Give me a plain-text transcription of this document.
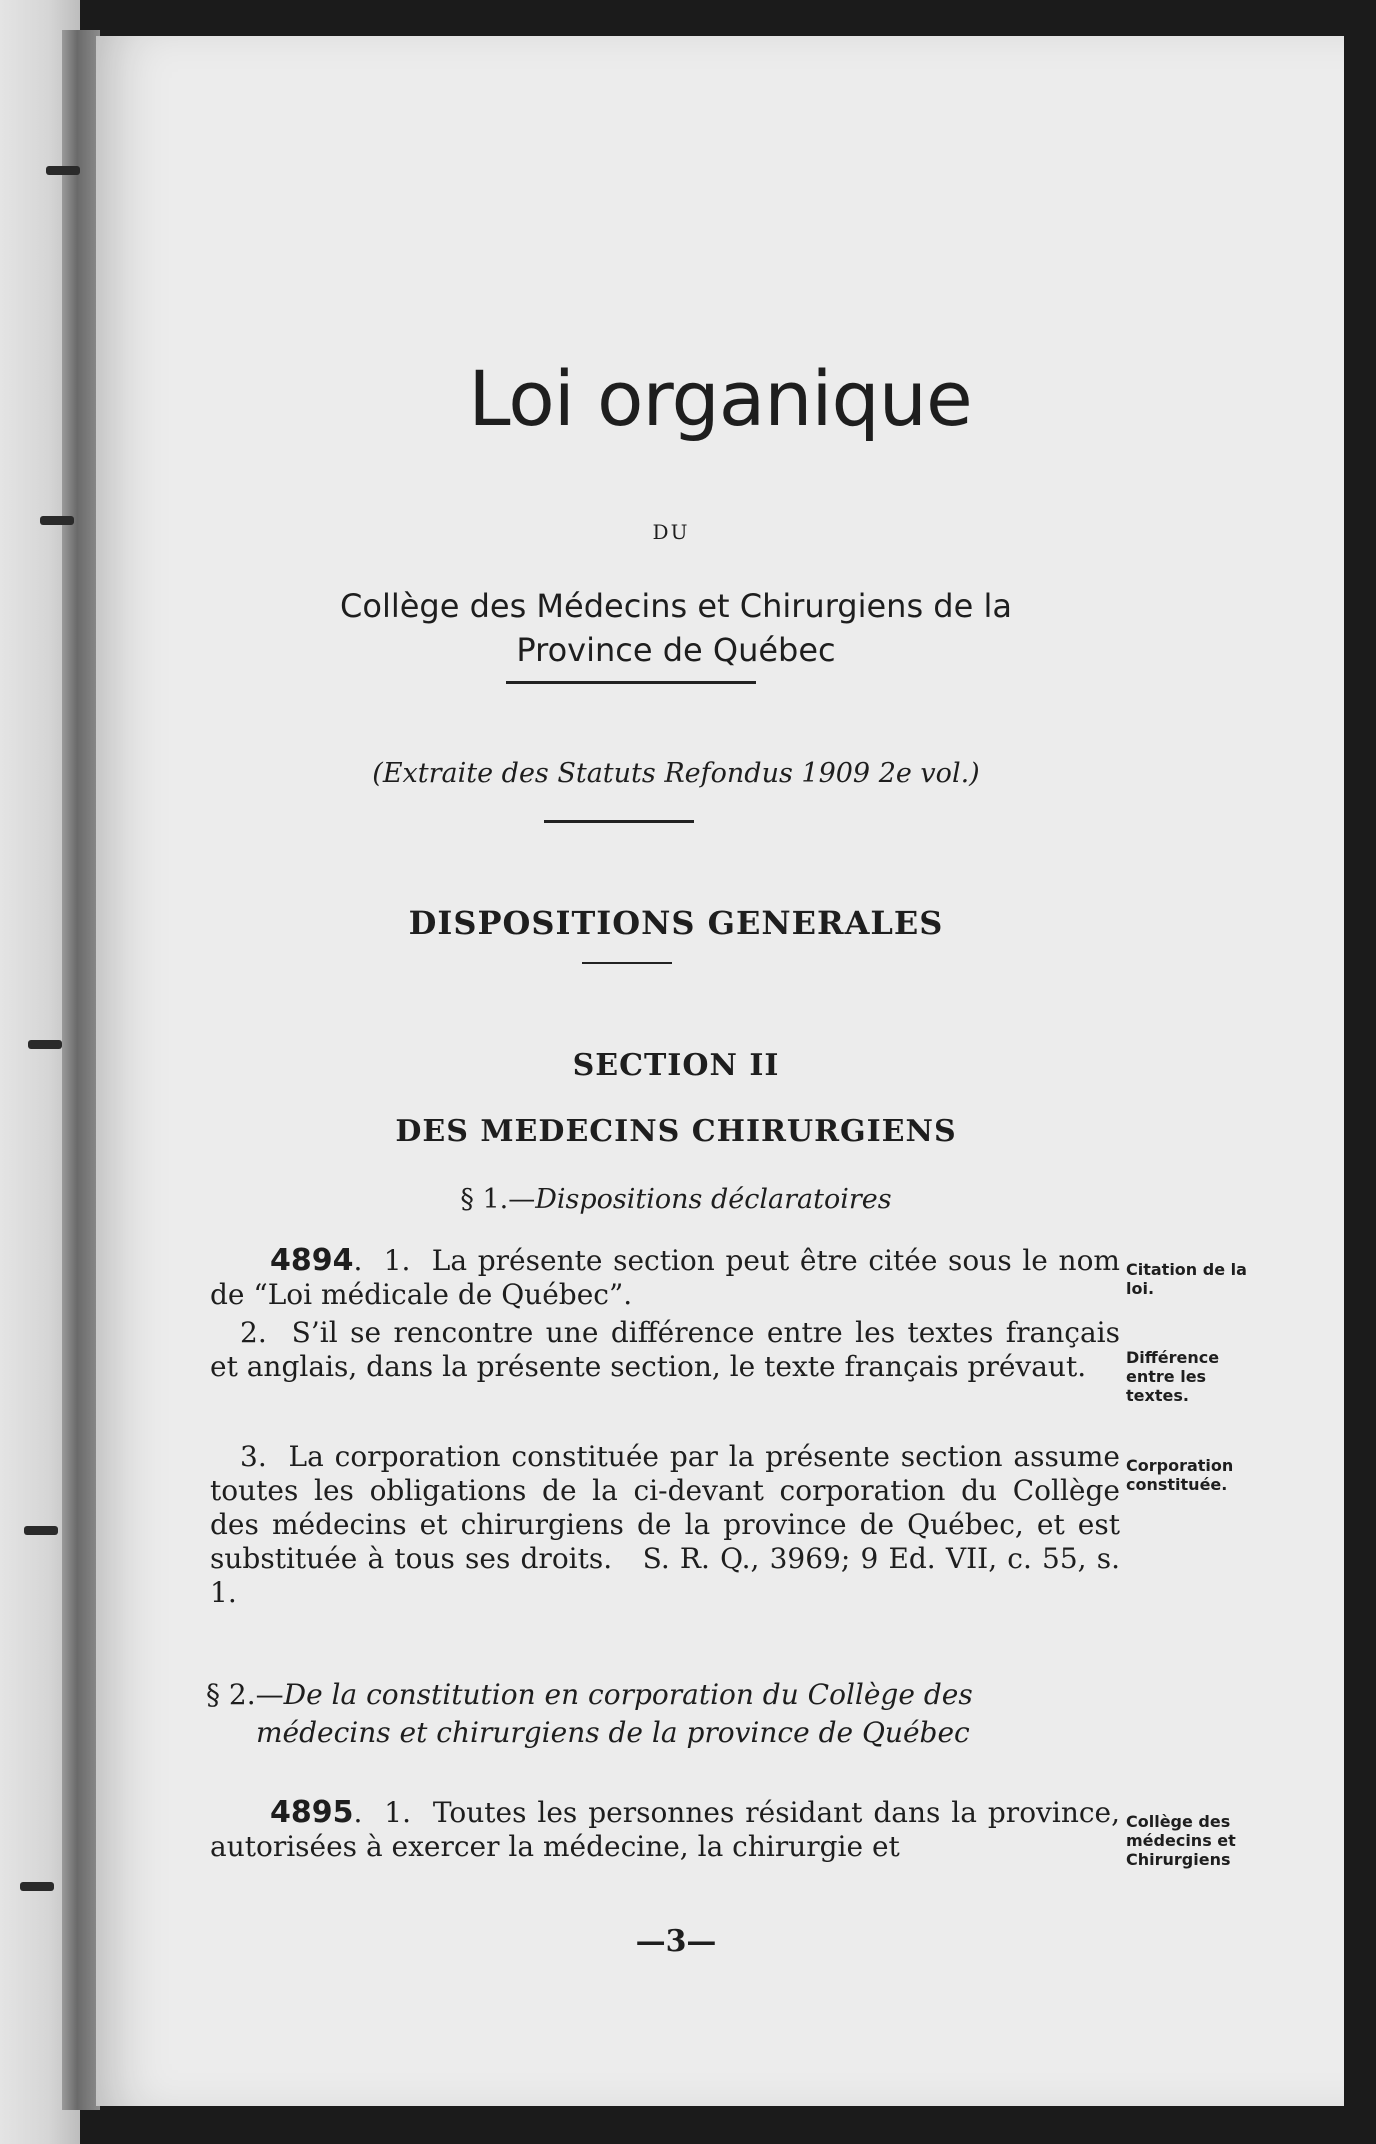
Loi organique

DU

Collège des Médecins et Chirurgiens de la
Province de Québec

(Extraite des Statuts Refondus 1909 2e vol.)

DISPOSITIONS GENERALES
SECTION II
DES MEDECINS CHIRURGIENS

§ 1.—Dispositions déclaratoires

4894.  1. La présente section peut être citée sous le nom de “Loi médicale de Québec”.

2. S’il se rencontre une différence entre les textes français et anglais, dans la présente section, le texte français prévaut.

3. La corporation constituée par la présente section assume toutes les obligations de la ci-devant corporation du Collège des médecins et chirurgiens de la province de Québec, et est substituée à tous ses droits. S. R. Q., 3969; 9 Ed. VII, c. 55, s. 1.

Citation de la loi.

Différence entre les textes.

Corporation constituée.

§ 2.—De la constitution en corporation du Collège des
médecins et chirurgiens de la province de Québec

4895.  1. Toutes les personnes résidant dans la province, autorisées à exercer la médecine, la chirurgie et

Collège des médecins et Chirurgiens

—3—
